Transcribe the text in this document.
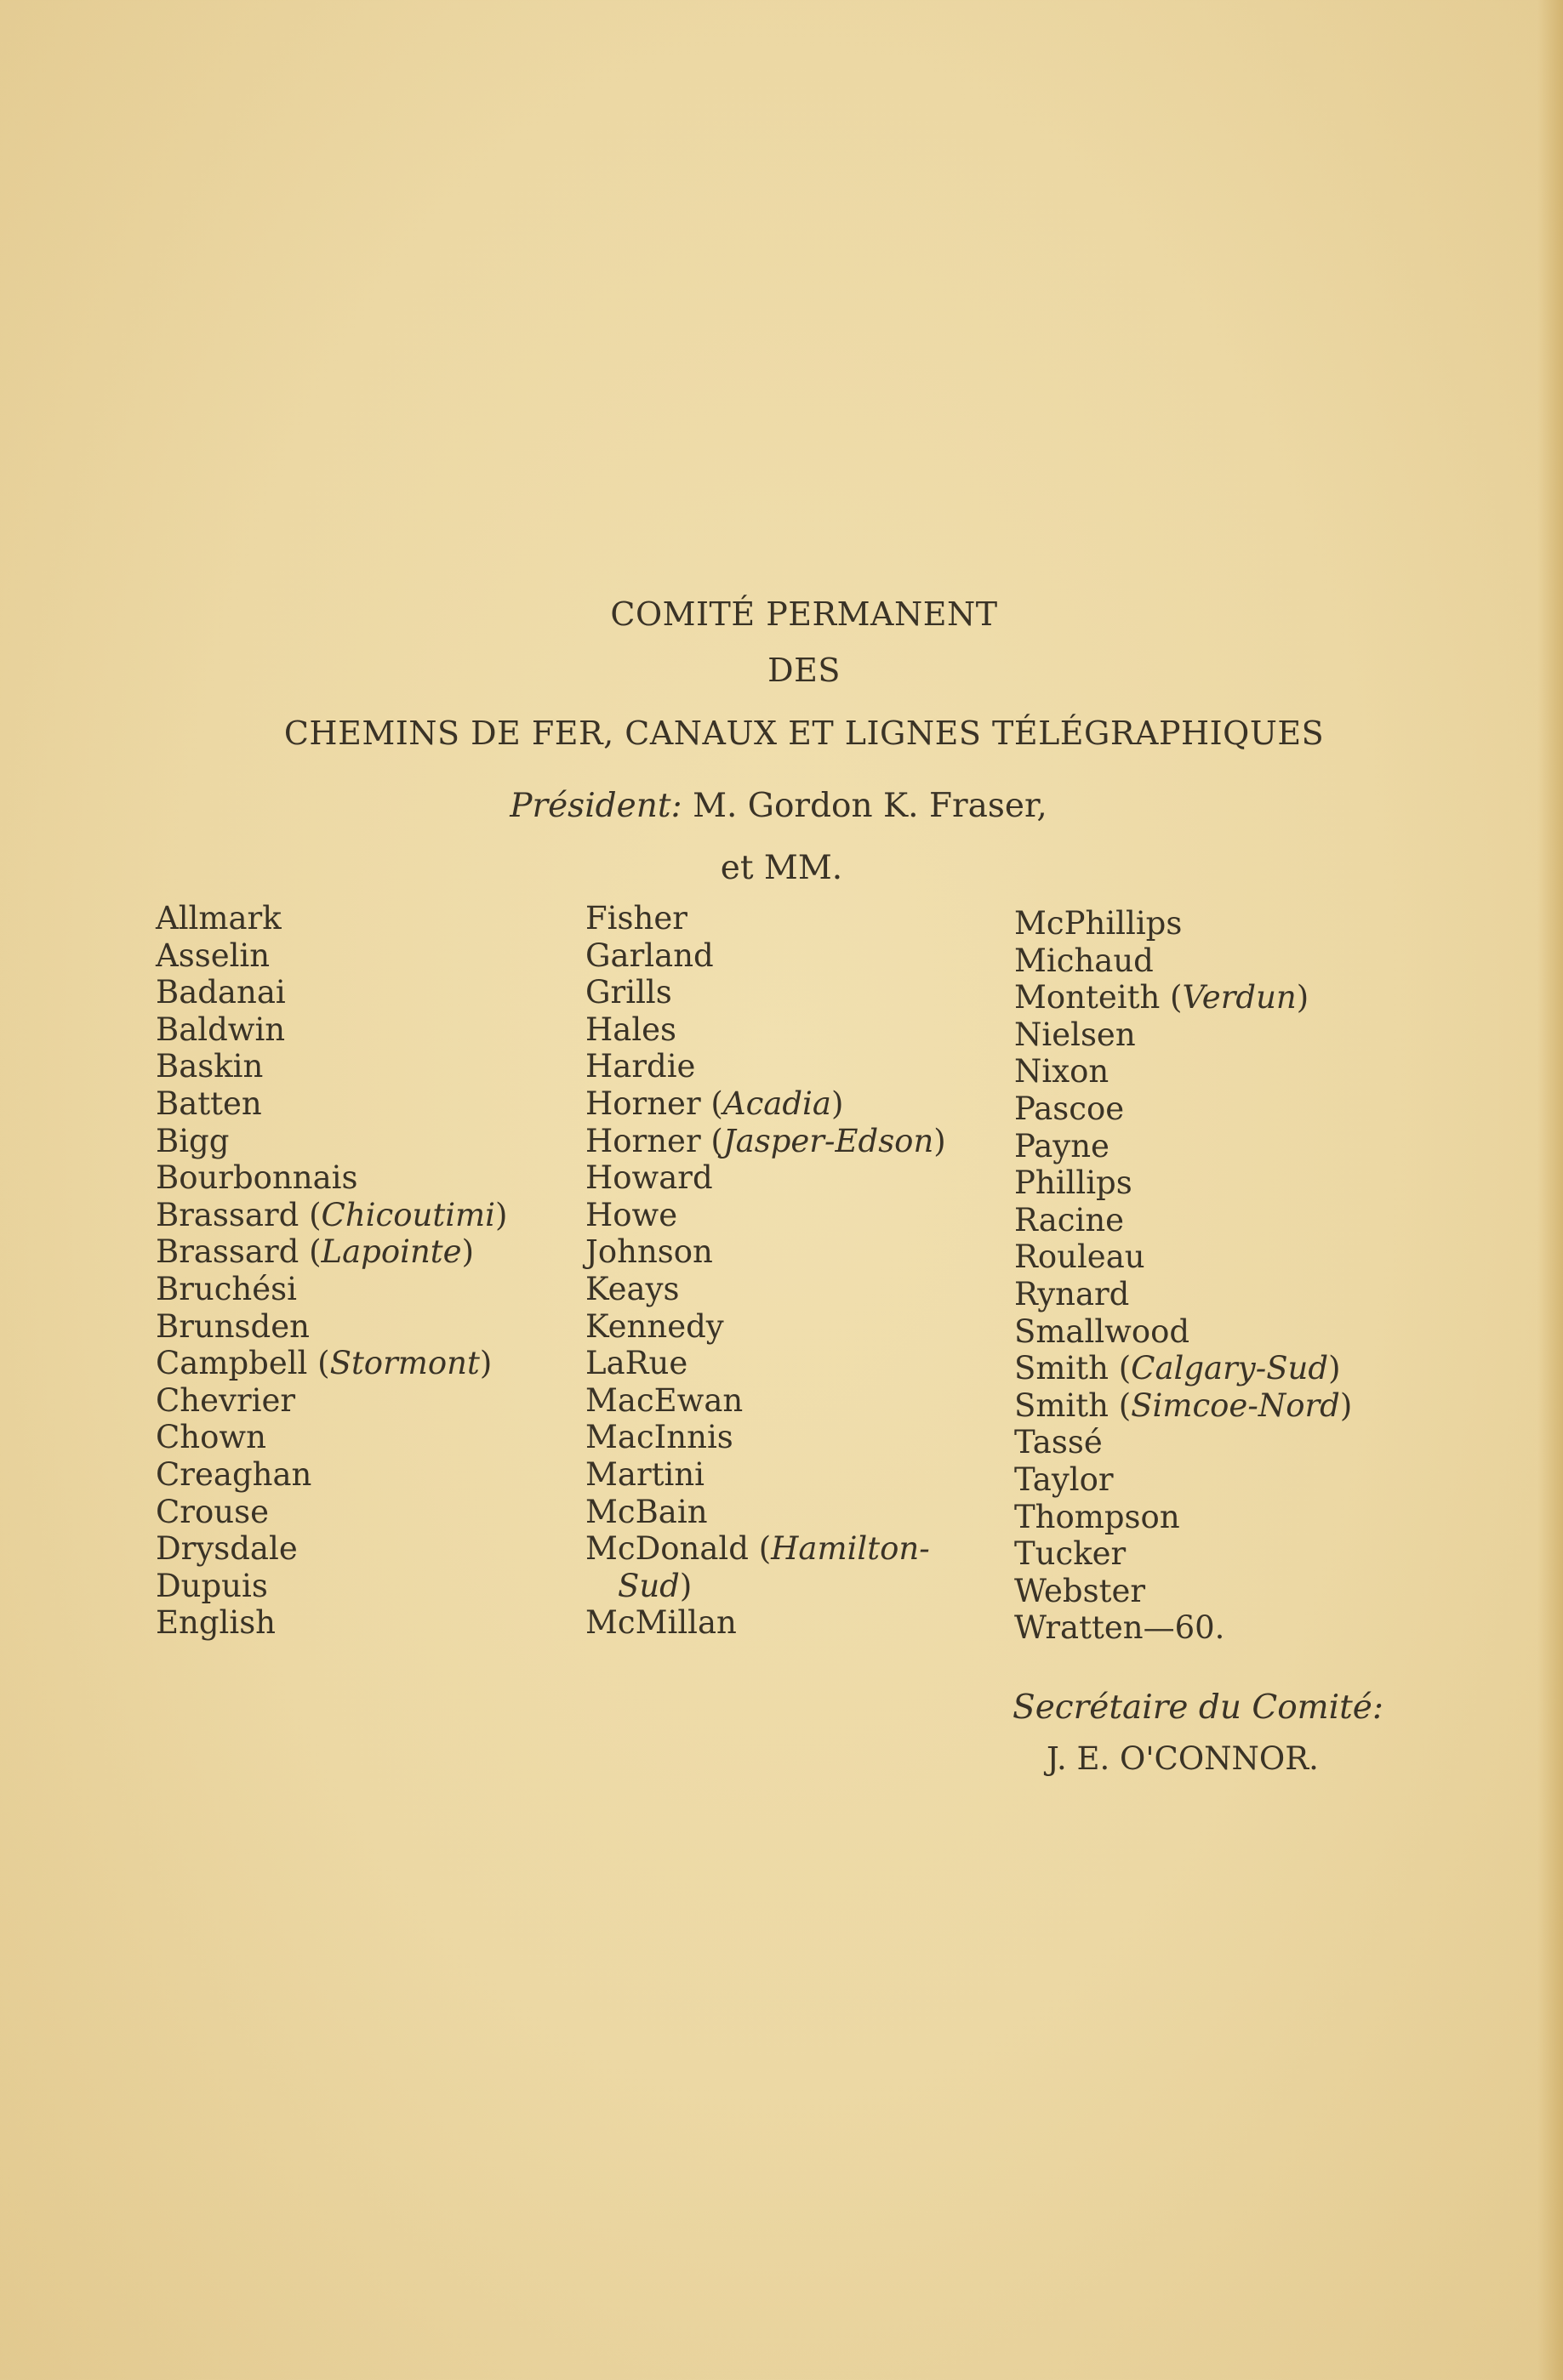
COMITÉ PERMANENT
DES
CHEMINS DE FER, CANAUX ET LIGNES TÉLÉGRAPHIQUES
Président: M. Gordon K. Fraser,
et MM.
Allmark
Asselin
Badanai
Baldwin
Baskin
Batten
Bigg
Bourbonnais
Brassard (Chicoutimi)
Brassard (Lapointe)
Bruchési
Brunsden
Campbell (Stormont)
Chevrier
Chown
Creaghan
Crouse
Drysdale
Dupuis
English
Fisher
Garland
Grills
Hales
Hardie
Horner (Acadia)
Horner (Jasper-Edson)
Howard
Howe
Johnson
Keays
Kennedy
LaRue
MacEwan
MacInnis
Martini
McBain
McDonald (Hamilton-
Sud)
McMillan
McPhillips
Michaud
Monteith (Verdun)
Nielsen
Nixon
Pascoe
Payne
Phillips
Racine
Rouleau
Rynard
Smallwood
Smith (Calgary-Sud)
Smith (Simcoe-Nord)
Tassé
Taylor
Thompson
Tucker
Webster
Wratten—60.
Secrétaire du Comité:
J. E. O'CONNOR.
